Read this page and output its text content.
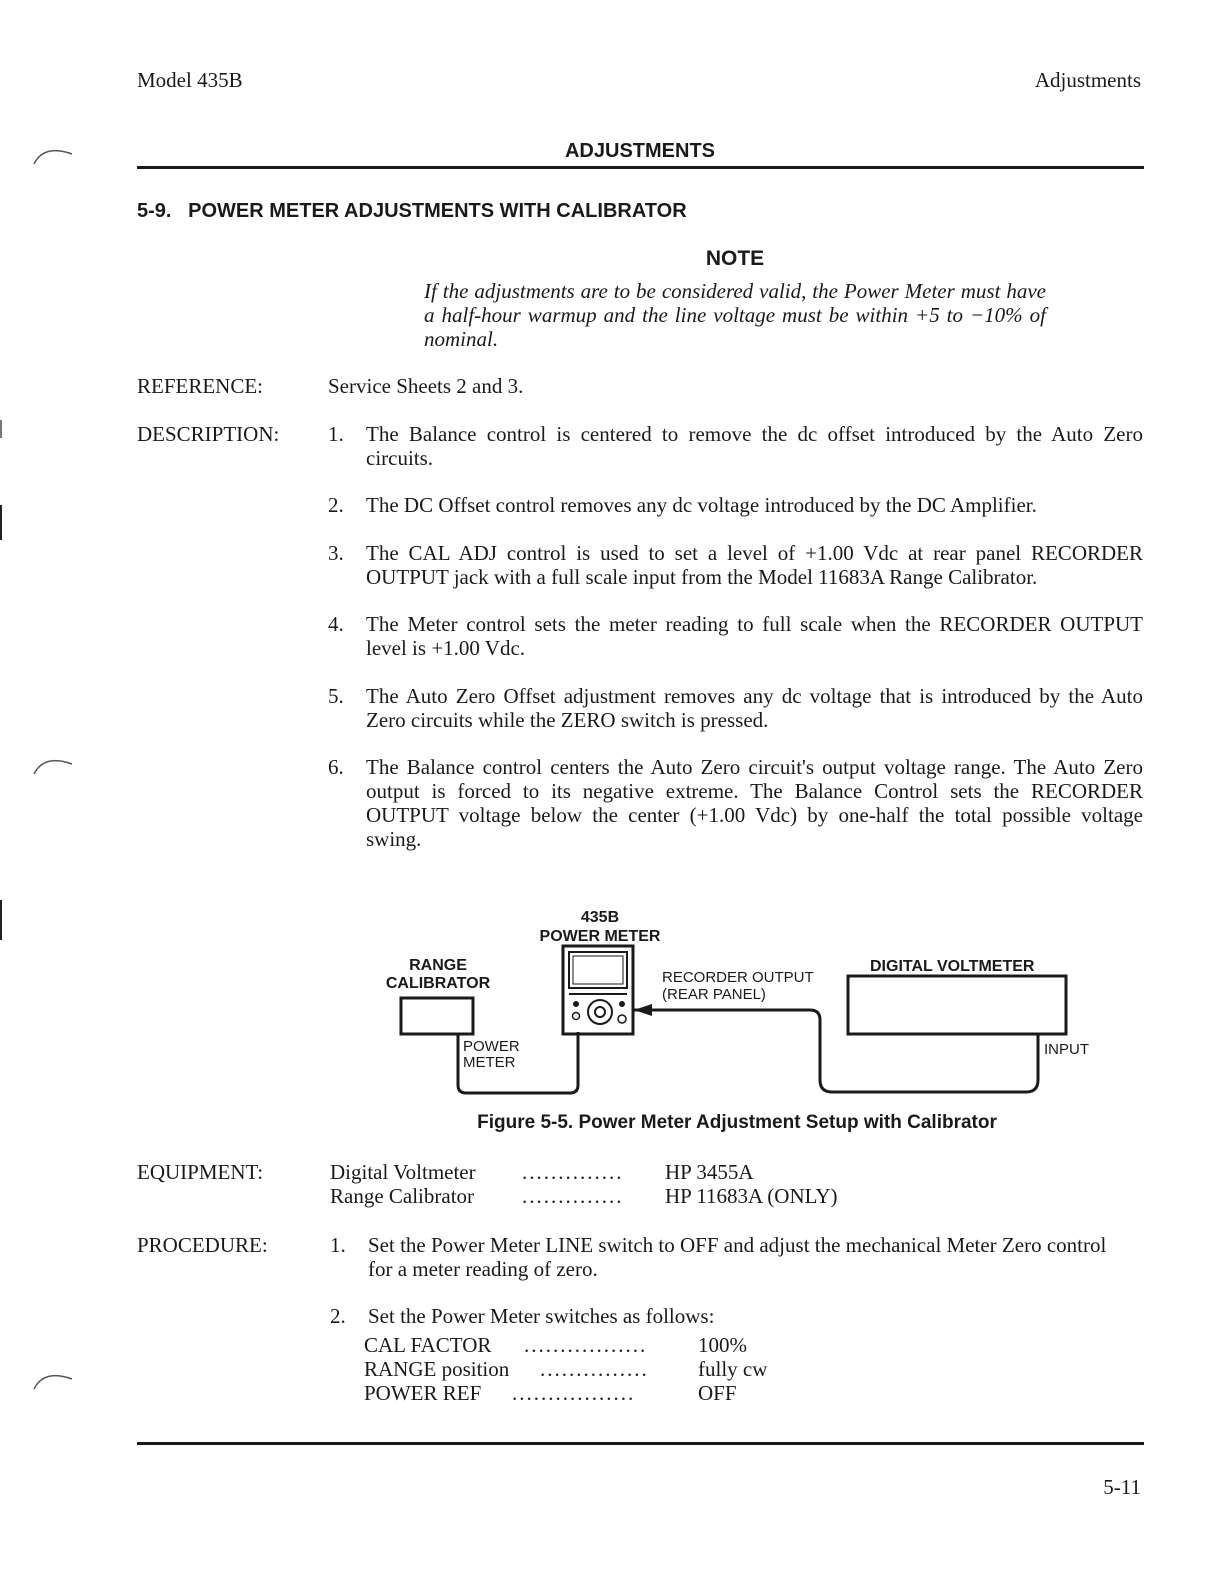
Model 435B	Adjustments
ADJUSTMENTS
5-9.   POWER METER ADJUSTMENTS WITH CALIBRATOR
NOTE
If the adjustments are to be considered valid, the Power Meter must have a half-hour warmup and the line voltage must be within +5 to −10% of nominal.
REFERENCE:	Service Sheets 2 and 3.
DESCRIPTION: 1.	The Balance control is centered to remove the dc offset introduced by the Auto Zero circuits.
2.	The DC Offset control removes any dc voltage introduced by the DC Amplifier.
3.	The CAL ADJ control is used to set a level of +1.00 Vdc at rear panel RECORDER OUTPUT jack with a full scale input from the Model 11683A Range Calibrator.
4.	The Meter control sets the meter reading to full scale when the RECORDER OUTPUT level is +1.00 Vdc.
5.	The Auto Zero Offset adjustment removes any dc voltage that is introduced by the Auto Zero circuits while the ZERO switch is pressed.
6.	The Balance control centers the Auto Zero circuit's output voltage range. The Auto Zero output is forced to its negative extreme. The Balance Control sets the RECORDER OUTPUT voltage below the center (+1.00 Vdc) by one-half the total possible voltage swing.
435B
POWER METER
RANGE
CALIBRATOR
DIGITAL VOLTMETER
RECORDER OUTPUT
(REAR PANEL)
POWER
METER
INPUT
Figure 5-5. Power Meter Adjustment Setup with Calibrator
EQUIPMENT:	Digital Voltmeter .............. HP 3455A
Range Calibrator .............. HP 11683A (ONLY)
PROCEDURE:	1.	Set the Power Meter LINE switch to OFF and adjust the mechanical Meter Zero control for a meter reading of zero.
2.	Set the Power Meter switches as follows:
CAL FACTOR ................. 100%
RANGE position ............... fully cw
POWER REF .................	OFF
5-11
